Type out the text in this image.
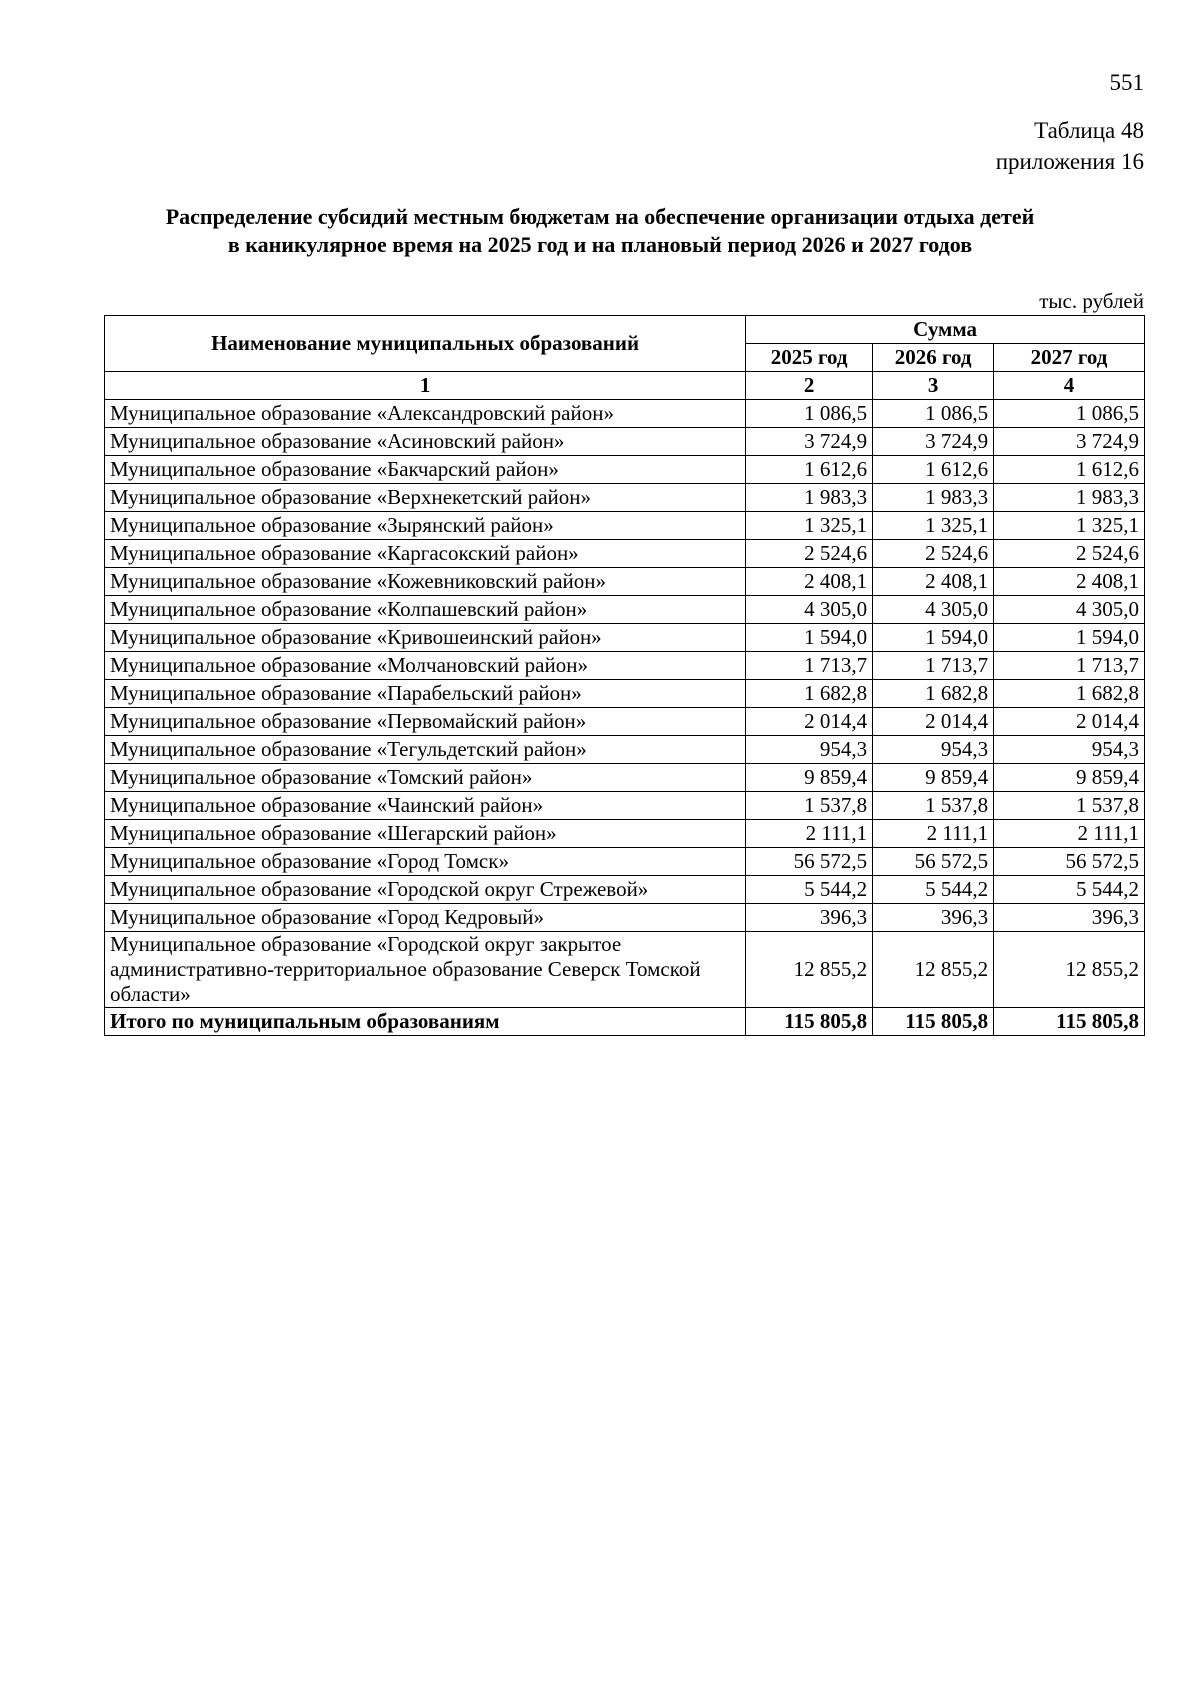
551
Таблица 48
приложения 16
Распределение субсидий местным бюджетам на обеспечение организации отдыха детей
в каникулярное время на 2025 год и на плановый период 2026 и 2027 годов
тыс. рублей
Наименование муниципальных образований	Сумма		
	2025 год	2026 год	2027 год
1	2	3	4
Муниципальное образование «Александровский район»	1 086,5	1 086,5	1 086,5
Муниципальное образование «Асиновский район»	3 724,9	3 724,9	3 724,9
Муниципальное образование «Бакчарский район»	1 612,6	1 612,6	1 612,6
Муниципальное образование «Верхнекетский район»	1 983,3	1 983,3	1 983,3
Муниципальное образование «Зырянский район»	1 325,1	1 325,1	1 325,1
Муниципальное образование «Каргасокский район»	2 524,6	2 524,6	2 524,6
Муниципальное образование «Кожевниковский район»	2 408,1	2 408,1	2 408,1
Муниципальное образование «Колпашевский район»	4 305,0	4 305,0	4 305,0
Муниципальное образование «Кривошеинский район»	1 594,0	1 594,0	1 594,0
Муниципальное образование «Молчановский район»	1 713,7	1 713,7	1 713,7
Муниципальное образование «Парабельский район»	1 682,8	1 682,8	1 682,8
Муниципальное образование «Первомайский район»	2 014,4	2 014,4	2 014,4
Муниципальное образование «Тегульдетский район»	954,3	954,3	954,3
Муниципальное образование «Томский район»	9 859,4	9 859,4	9 859,4
Муниципальное образование «Чаинский район»	1 537,8	1 537,8	1 537,8
Муниципальное образование «Шегарский район»	2 111,1	2 111,1	2 111,1
Муниципальное образование «Город Томск»	56 572,5	56 572,5	56 572,5
Муниципальное образование «Городской округ Стрежевой»	5 544,2	5 544,2	5 544,2
Муниципальное образование «Город Кедровый»	396,3	396,3	396,3
Муниципальное образование «Городской округ закрытое административно-территориальное образование Северск Томской области»	12 855,2	12 855,2	12 855,2
Итого по муниципальным образованиям	115 805,8	115 805,8	115 805,8
